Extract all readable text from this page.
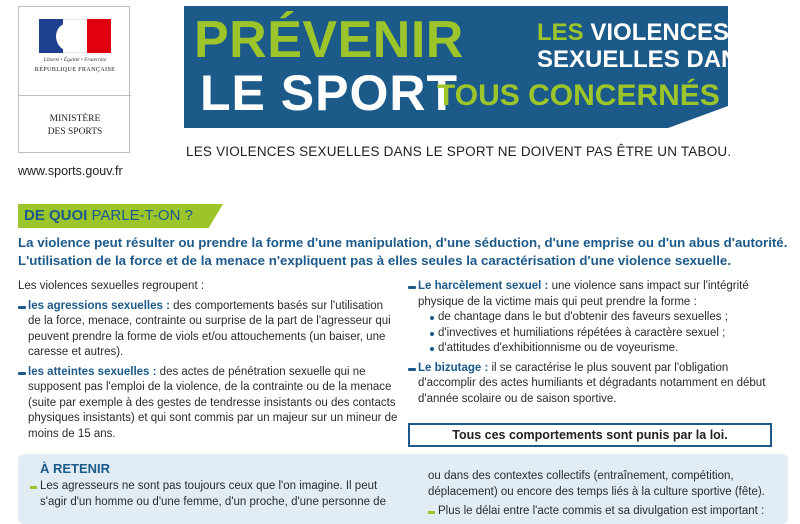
Liberté • Égalité • Fraternité
RÉPUBLIQUE FRANÇAISE
MINISTÈRE
DES SPORTS
www.sports.gouv.fr
PRÉVENIR
LE SPORT
LES VIOLENCES
SEXUELLES DANS
TOUS CONCERNÉS
LES VIOLENCES SEXUELLES DANS LE SPORT NE DOIVENT PAS ÊTRE UN TABOU.
DE QUOI PARLE-T-ON ?
La violence peut résulter ou prendre la forme d'une manipulation, d'une séduction, d'une emprise ou d'un abus d'autorité. L'utilisation de la force et de la menace n'expliquent pas à elles seules la caractérisation d'une violence sexuelle.
Les violences sexuelles regroupent :
les agressions sexuelles : des comportements basés sur l'utilisation de la force, menace, contrainte ou surprise de la part de l'agresseur qui peuvent prendre la forme de viols et/ou attouchements (un baiser, une caresse et autres).
les atteintes sexuelles : des actes de pénétration sexuelle qui ne supposent pas l'emploi de la violence, de la contrainte ou de la menace (suite par exemple à des gestes de tendresse insistants ou des contacts physiques insistants) et qui sont commis par un majeur sur un mineur de moins de 15 ans.
Le harcèlement sexuel : une violence sans impact sur l'intégrité physique de la victime mais qui peut prendre la forme :
de chantage dans le but d'obtenir des faveurs sexuelles ;
d'invectives et humiliations répétées à caractère sexuel ;
d'attitudes d'exhibitionnisme ou de voyeurisme.
Le bizutage : il se caractérise le plus souvent par l'obligation d'accomplir des actes humiliants et dégradants notamment en début d'année scolaire ou de saison sportive.
Tous ces comportements sont punis par la loi.
À RETENIR
Les agresseurs ne sont pas toujours ceux que l'on imagine. Il peut s'agir d'un homme ou d'une femme, d'un proche, d'une personne de
ou dans des contextes collectifs (entraînement, compétition, déplacement) ou encore des temps liés à la culture sportive (fête).
Plus le délai entre l'acte commis et sa divulgation est important :
